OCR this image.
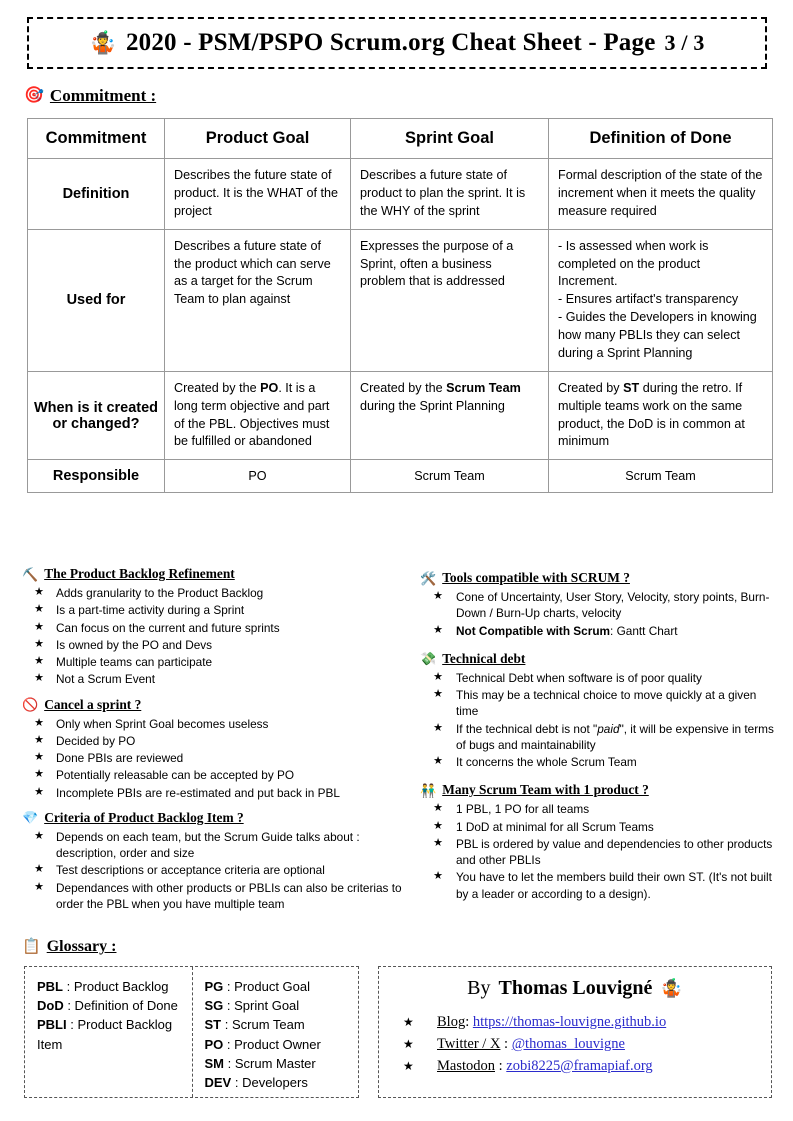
🤹 2020 - PSM/PSPO Scrum.org Cheat Sheet - Page 3 / 3
🎯 Commitment :
Commitment	Product Goal	Sprint Goal	Definition of Done
Definition	Describes the future state of product. It is the WHAT of the project	Describes a future state of product to plan the sprint. It is the WHY of the sprint	Formal description of the state of the increment when it meets the quality measure required
Used for	Describes a future state of the product which can serve as a target for the Scrum Team to plan against	Expresses the purpose of a Sprint, often a business problem that is addressed	- Is assessed when work is completed on the product Increment.
- Ensures artifact's transparency
- Guides the Developers in knowing how many PBLIs they can select during a Sprint Planning
When is it created or changed?	Created by the PO. It is a long term objective and part of the PBL. Objectives must be fulfilled or abandoned	Created by the Scrum Team during the Sprint Planning	Created by ST during the retro. If multiple teams work on the same product, the DoD is in common at minimum
Responsible	PO	Scrum Team	Scrum Team
⛏️ The Product Backlog Refinement
★	Adds granularity to the Product Backlog
★	Is a part-time activity during a Sprint
★	Can focus on the current and future sprints
★	Is owned by the PO and Devs
★	Multiple teams can participate
★	Not a Scrum Event
🚫 Cancel a sprint ?
★	Only when Sprint Goal becomes useless
★	Decided by PO
★	Done PBIs are reviewed
★	Potentially releasable can be accepted by PO
★	Incomplete PBIs are re-estimated and put back in PBL
💎 Criteria of Product Backlog Item ?
★	Depends on each team, but the Scrum Guide talks about : description, order and size
★	Test descriptions or acceptance criteria are optional
★	Dependances with other products or PBLIs can also be criterias to order the PBL when you have multiple team
🛠️ Tools compatible with SCRUM ?
★	Cone of Uncertainty, User Story, Velocity, story points, Burn-Down / Burn-Up charts, velocity
★	Not Compatible with Scrum: Gantt Chart
💸 Technical debt
★	Technical Debt when software is of poor quality
★	This may be a technical choice to move quickly at a given time
★	If the technical debt is not "paid", it will be expensive in terms of bugs and maintainability
★	It concerns the whole Scrum Team
👬 Many Scrum Team with 1 product ?
★	1 PBL, 1 PO for all teams
★	1 DoD at minimal for all Scrum Teams
★	PBL is ordered by value and dependencies to other products and other PBLIs
★	You have to let the members build their own ST. (It's not built by a leader or according to a design).
📋 Glossary :
PBL : Product Backlog
DoD : Definition of Done
PBLI : Product Backlog Item
PG : Product Goal
SG : Sprint Goal
ST : Scrum Team
PO : Product Owner
SM : Scrum Master
DEV : Developers
By Thomas Louvigné 🤹
★	Blog: https://thomas-louvigne.github.io
★	Twitter / X : @thomas_louvigne
★	Mastodon : zobi8225@framapiaf.org
